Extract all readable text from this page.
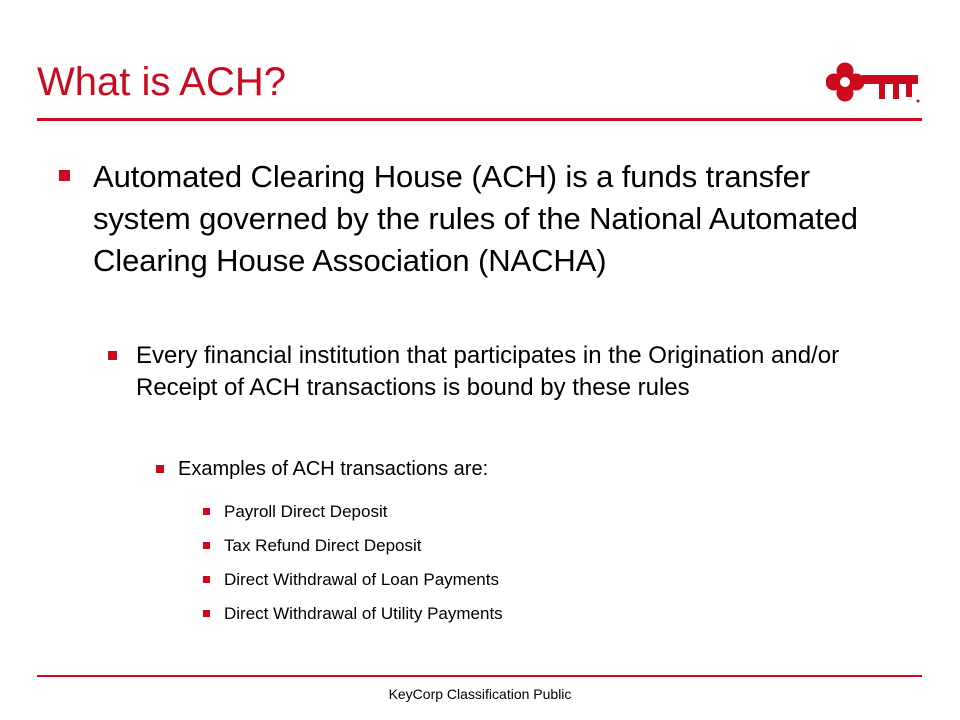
What is ACH?
Automated Clearing House (ACH) is a funds transfer system governed by the rules of the National Automated Clearing House Association (NACHA)
Every financial institution that participates in the Origination and/or Receipt of ACH transactions is bound by these rules
Examples of ACH transactions are:
Payroll Direct Deposit
Tax Refund Direct Deposit
Direct Withdrawal of Loan Payments
Direct Withdrawal of Utility Payments
KeyCorp Classification Public
